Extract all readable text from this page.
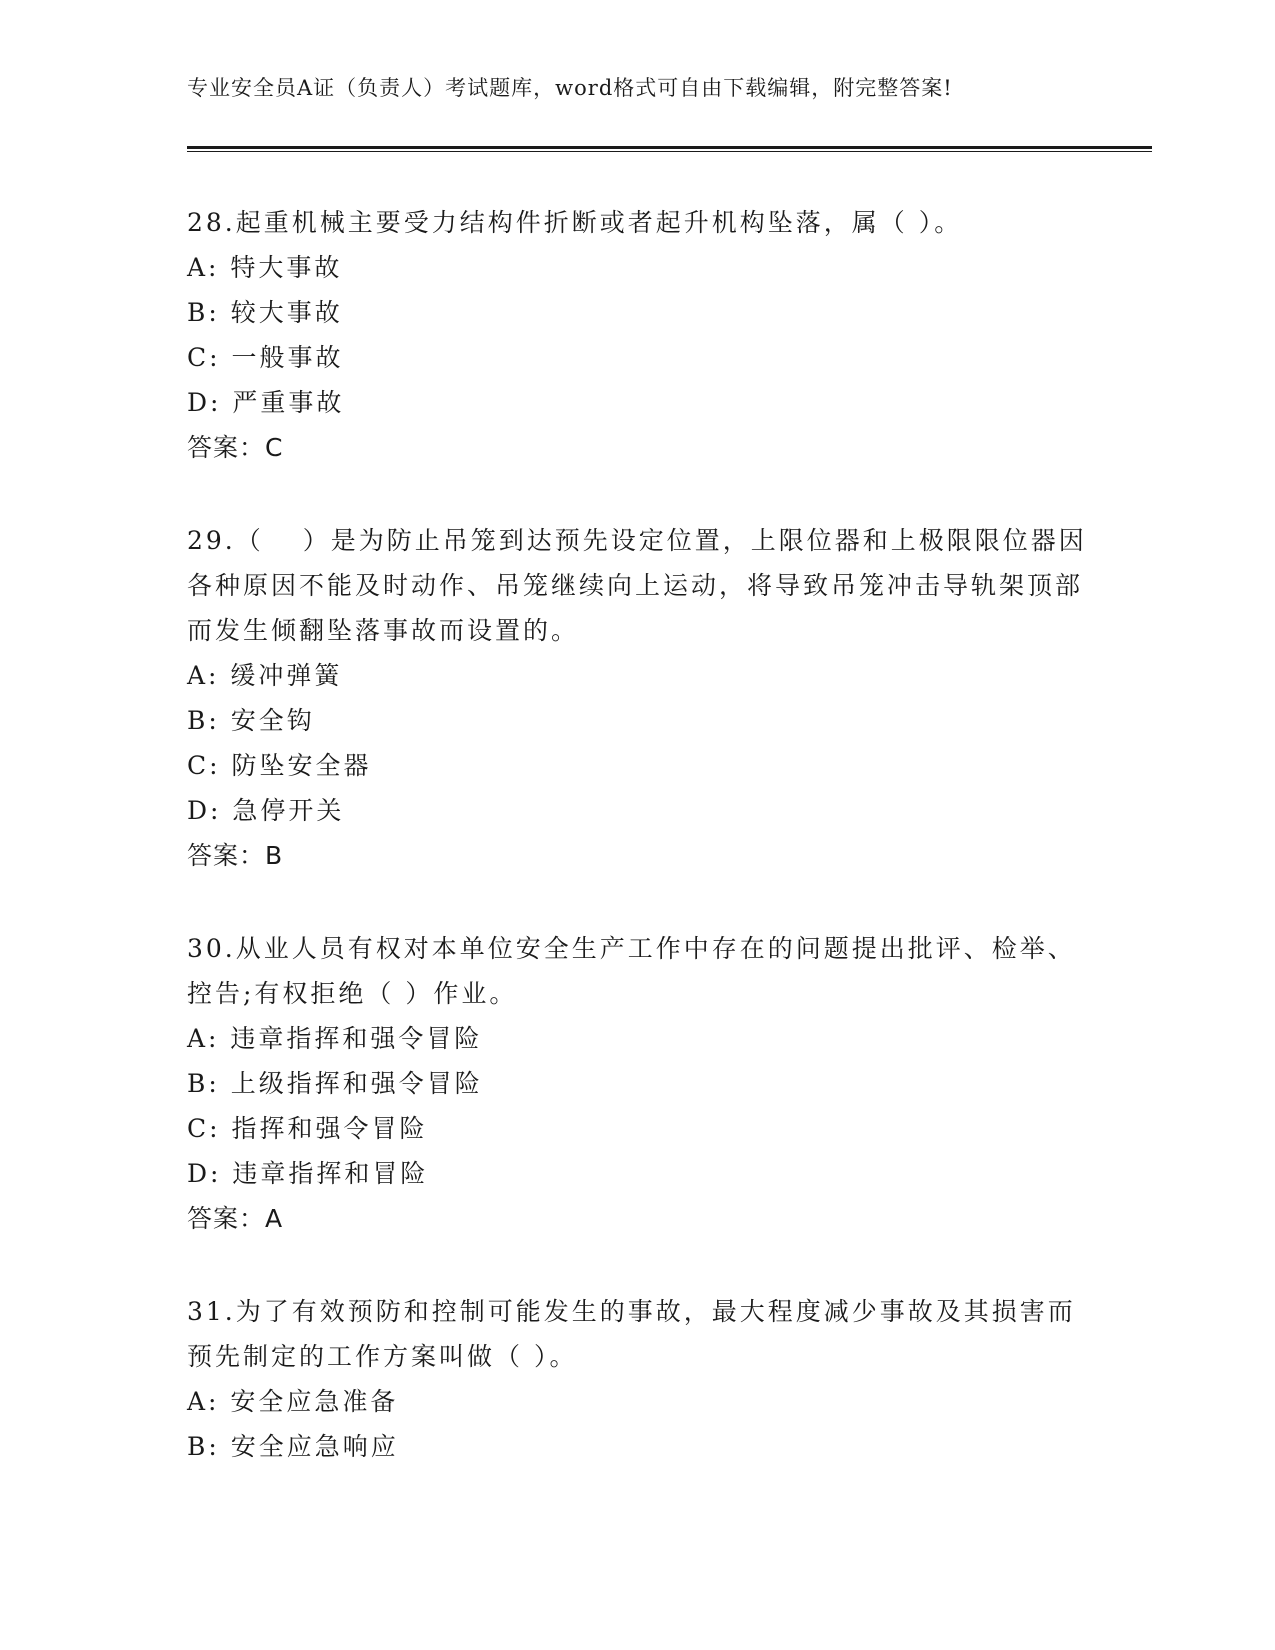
专业安全员A证（负责人）考试题库，word格式可自由下载编辑，附完整答案!

28.起重机械主要受力结构件折断或者起升机构坠落，属（ ）。

A: 特大事故

B: 较大事故

C: 一般事故

D: 严重事故

答案：C

29.（　 ）是为防止吊笼到达预先设定位置，上限位器和上极限限位器因各种原因不能及时动作、吊笼继续向上运动，将导致吊笼冲击导轨架顶部而发生倾翻坠落事故而设置的。

A: 缓冲弹簧

B: 安全钩

C: 防坠安全器

D: 急停开关

答案：B

30.从业人员有权对本单位安全生产工作中存在的问题提出批评、检举、控告;有权拒绝（ ）作业。

A: 违章指挥和强令冒险

B: 上级指挥和强令冒险

C: 指挥和强令冒险

D: 违章指挥和冒险

答案：A

31.为了有效预防和控制可能发生的事故，最大程度减少事故及其损害而预先制定的工作方案叫做（ ）。

A: 安全应急准备

B: 安全应急响应
